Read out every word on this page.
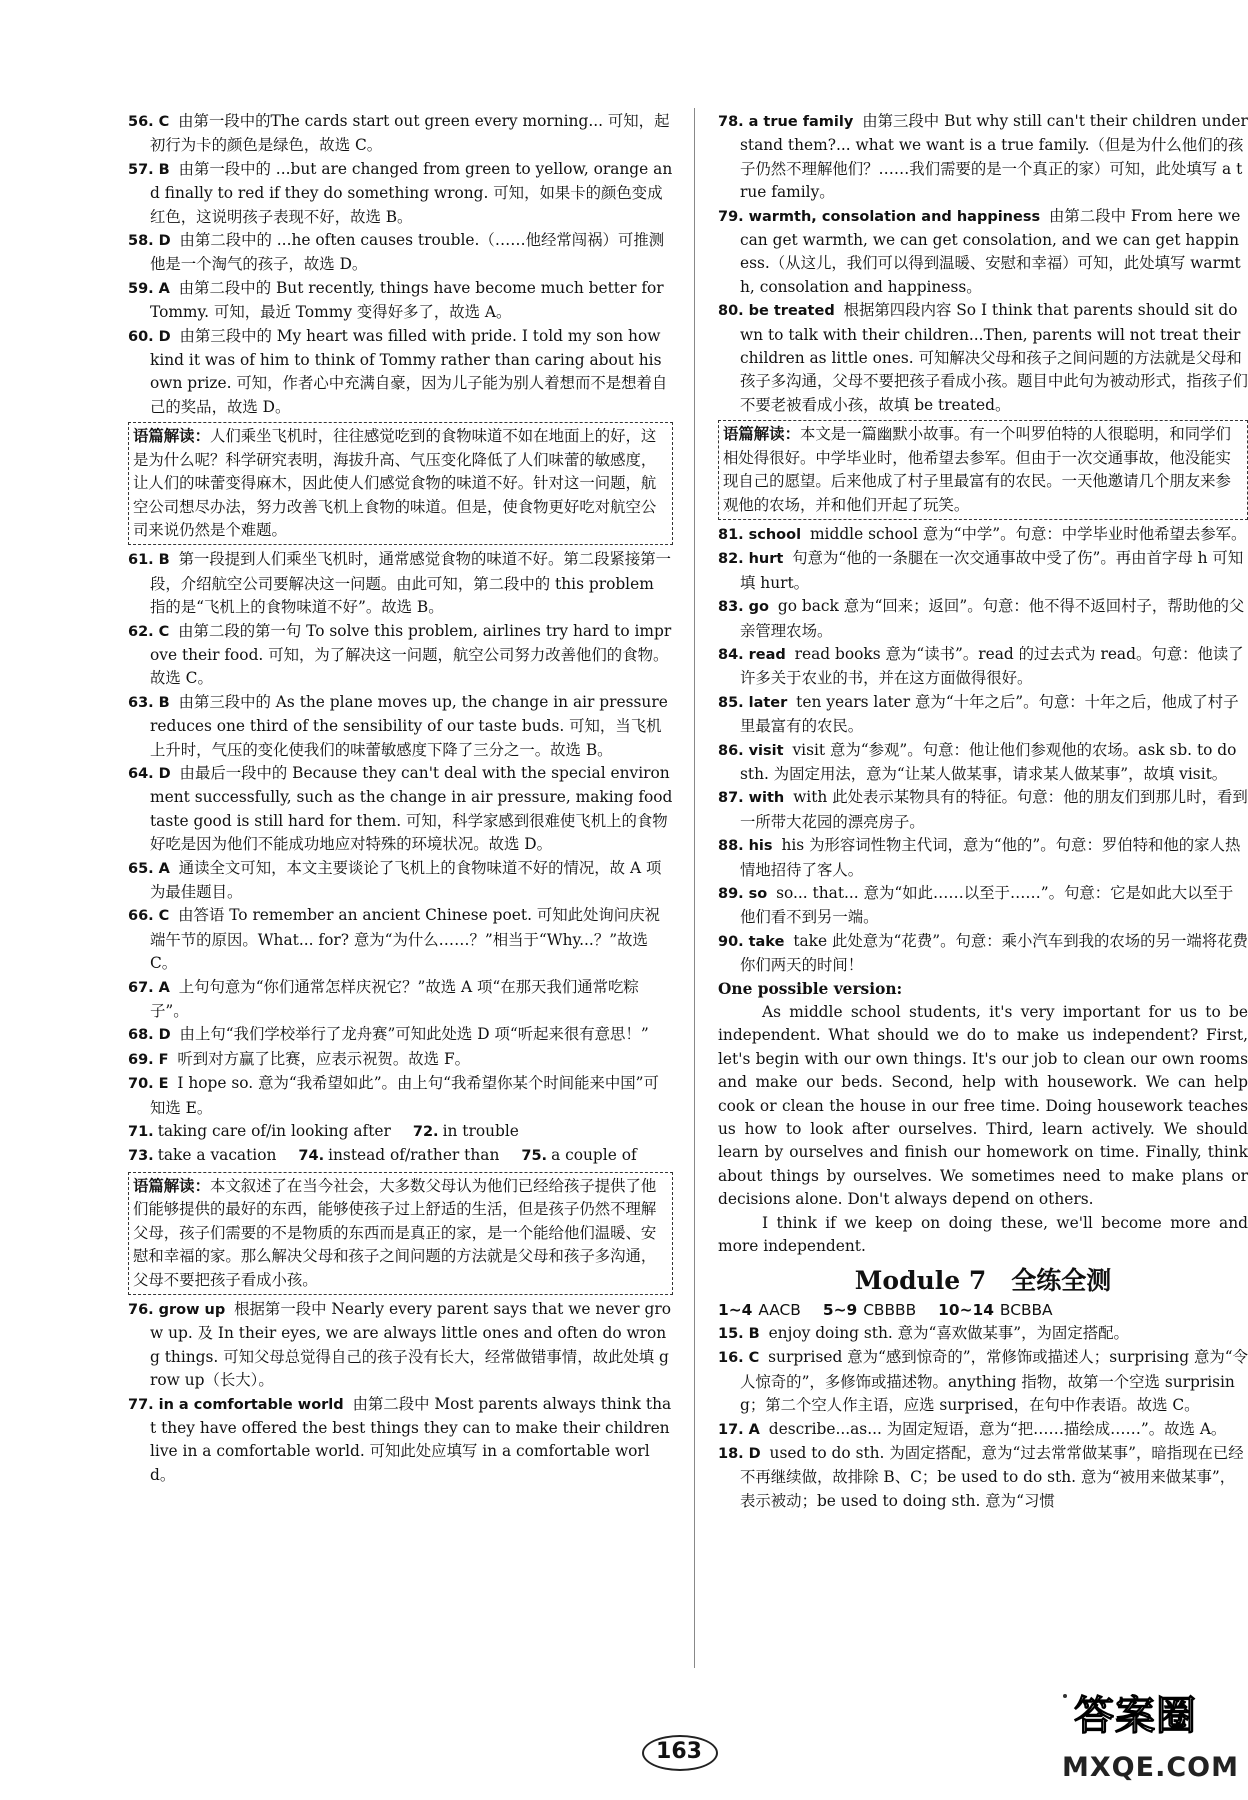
56. C 由第一段中的The cards start out green every morning... 可知，起初行为卡的颜色是绿色，故选 C。
57. B 由第一段中的 ...but are changed from green to yellow, orange and finally to red if they do something wrong. 可知，如果卡的颜色变成红色，这说明孩子表现不好，故选 B。
58. D 由第二段中的 ...he often causes trouble.（……他经常闯祸）可推测他是一个淘气的孩子，故选 D。
59. A 由第二段中的 But recently, things have become much better for Tommy. 可知，最近 Tommy 变得好多了，故选 A。
60. D 由第三段中的 My heart was filled with pride. I told my son how kind it was of him to think of Tommy rather than caring about his own prize. 可知，作者心中充满自豪，因为儿子能为别人着想而不是想着自己的奖品，故选 D。
语篇解读：人们乘坐飞机时，往往感觉吃到的食物味道不如在地面上的好，这是为什么呢？科学研究表明，海拔升高、气压变化降低了人们味蕾的敏感度，让人们的味蕾变得麻木，因此使人们感觉食物的味道不好。针对这一问题，航空公司想尽办法，努力改善飞机上食物的味道。但是，使食物更好吃对航空公司来说仍然是个难题。
61. B 第一段提到人们乘坐飞机时，通常感觉食物的味道不好。第二段紧接第一段，介绍航空公司要解决这一问题。由此可知，第二段中的 this problem 指的是“飞机上的食物味道不好”。故选 B。
62. C 由第二段的第一句 To solve this problem, airlines try hard to improve their food. 可知，为了解决这一问题，航空公司努力改善他们的食物。故选 C。
63. B 由第三段中的 As the plane moves up, the change in air pressure reduces one third of the sensibility of our taste buds. 可知，当飞机上升时，气压的变化使我们的味蕾敏感度下降了三分之一。故选 B。
64. D 由最后一段中的 Because they can't deal with the special environment successfully, such as the change in air pressure, making food taste good is still hard for them. 可知，科学家感到很难使飞机上的食物好吃是因为他们不能成功地应对特殊的环境状况。故选 D。
65. A 通读全文可知，本文主要谈论了飞机上的食物味道不好的情况，故 A 项为最佳题目。
66. C 由答语 To remember an ancient Chinese poet. 可知此处询问庆祝端午节的原因。What... for? 意为“为什么……？”相当于“Why...？”故选 C。
67. A 上句句意为“你们通常怎样庆祝它？”故选 A 项“在那天我们通常吃粽子”。
68. D 由上句“我们学校举行了龙舟赛”可知此处选 D 项“听起来很有意思！”
69. F 听到对方赢了比赛，应表示祝贺。故选 F。
70. E I hope so. 意为“我希望如此”。由上句“我希望你某个时间能来中国”可知选 E。
71. taking care of/in looking after 72. in trouble
73. take a vacation 74. instead of/rather than 75. a couple of
语篇解读：本文叙述了在当今社会，大多数父母认为他们已经给孩子提供了他们能够提供的最好的东西，能够使孩子过上舒适的生活，但是孩子仍然不理解父母，孩子们需要的不是物质的东西而是真正的家，是一个能给他们温暖、安慰和幸福的家。那么解决父母和孩子之间问题的方法就是父母和孩子多沟通，父母不要把孩子看成小孩。
76. grow up 根据第一段中 Nearly every parent says that we never grow up. 及 In their eyes, we are always little ones and often do wrong things. 可知父母总觉得自己的孩子没有长大，经常做错事情，故此处填 grow up（长大）。
77. in a comfortable world 由第二段中 Most parents always think that they have offered the best things they can to make their children live in a comfortable world. 可知此处应填写 in a comfortable world。
78. a true family 由第三段中 But why still can't their children understand them?... what we want is a true family.（但是为什么他们的孩子仍然不理解他们？……我们需要的是一个真正的家）可知，此处填写 a true family。
79. warmth, consolation and happiness 由第二段中 From here we can get warmth, we can get consolation, and we can get happiness.（从这儿，我们可以得到温暖、安慰和幸福）可知，此处填写 warmth, consolation and happiness。
80. be treated 根据第四段内容 So I think that parents should sit down to talk with their children...Then, parents will not treat their children as little ones. 可知解决父母和孩子之间问题的方法就是父母和孩子多沟通，父母不要把孩子看成小孩。题目中此句为被动形式，指孩子们不要老被看成小孩，故填 be treated。
语篇解读：本文是一篇幽默小故事。有一个叫罗伯特的人很聪明，和同学们相处得很好。中学毕业时，他希望去参军。但由于一次交通事故，他没能实现自己的愿望。后来他成了村子里最富有的农民。一天他邀请几个朋友来参观他的农场，并和他们开起了玩笑。
81. school middle school 意为“中学”。句意：中学毕业时他希望去参军。
82. hurt 句意为“他的一条腿在一次交通事故中受了伤”。再由首字母 h 可知填 hurt。
83. go go back 意为“回来；返回”。句意：他不得不返回村子，帮助他的父亲管理农场。
84. read read books 意为“读书”。read 的过去式为 read。句意：他读了许多关于农业的书，并在这方面做得很好。
85. later ten years later 意为“十年之后”。句意：十年之后，他成了村子里最富有的农民。
86. visit visit 意为“参观”。句意：他让他们参观他的农场。ask sb. to do sth. 为固定用法，意为“让某人做某事，请求某人做某事”，故填 visit。
87. with with 此处表示某物具有的特征。句意：他的朋友们到那儿时，看到一所带大花园的漂亮房子。
88. his his 为形容词性物主代词，意为“他的”。句意：罗伯特和他的家人热情地招待了客人。
89. so so... that... 意为“如此……以至于……”。句意：它是如此大以至于他们看不到另一端。
90. take take 此处意为“花费”。句意：乘小汽车到我的农场的另一端将花费你们两天的时间！
One possible version:

As middle school students, it's very important for us to be independent. What should we do to make us independent? First, let's begin with our own things. It's our job to clean our own rooms and make our beds. Second, help with housework. We can help cook or clean the house in our free time. Doing housework teaches us how to look after ourselves. Third, learn actively. We should learn by ourselves and finish our homework on time. Finally, think about things by ourselves. We sometimes need to make plans or decisions alone. Don't always depend on others.

I think if we keep on doing these, we'll become more and more independent.

Module 7　全练全测
1~4 AACB 5~9 CBBBB 10~14 BCBBA
15. B enjoy doing sth. 意为“喜欢做某事”，为固定搭配。
16. C surprised 意为“感到惊奇的”，常修饰或描述人；surprising 意为“令人惊奇的”，多修饰或描述物。anything 指物，故第一个空选 surprising；第二个空人作主语，应选 surprised，在句中作表语。故选 C。
17. A describe...as... 为固定短语，意为“把……描绘成……”。故选 A。
18. D used to do sth. 为固定搭配，意为“过去常常做某事”，暗指现在已经不再继续做，故排除 B、C；be used to do sth. 意为“被用来做某事”，表示被动；be used to doing sth. 意为“习惯
163
答案圈
MXQE.COM
